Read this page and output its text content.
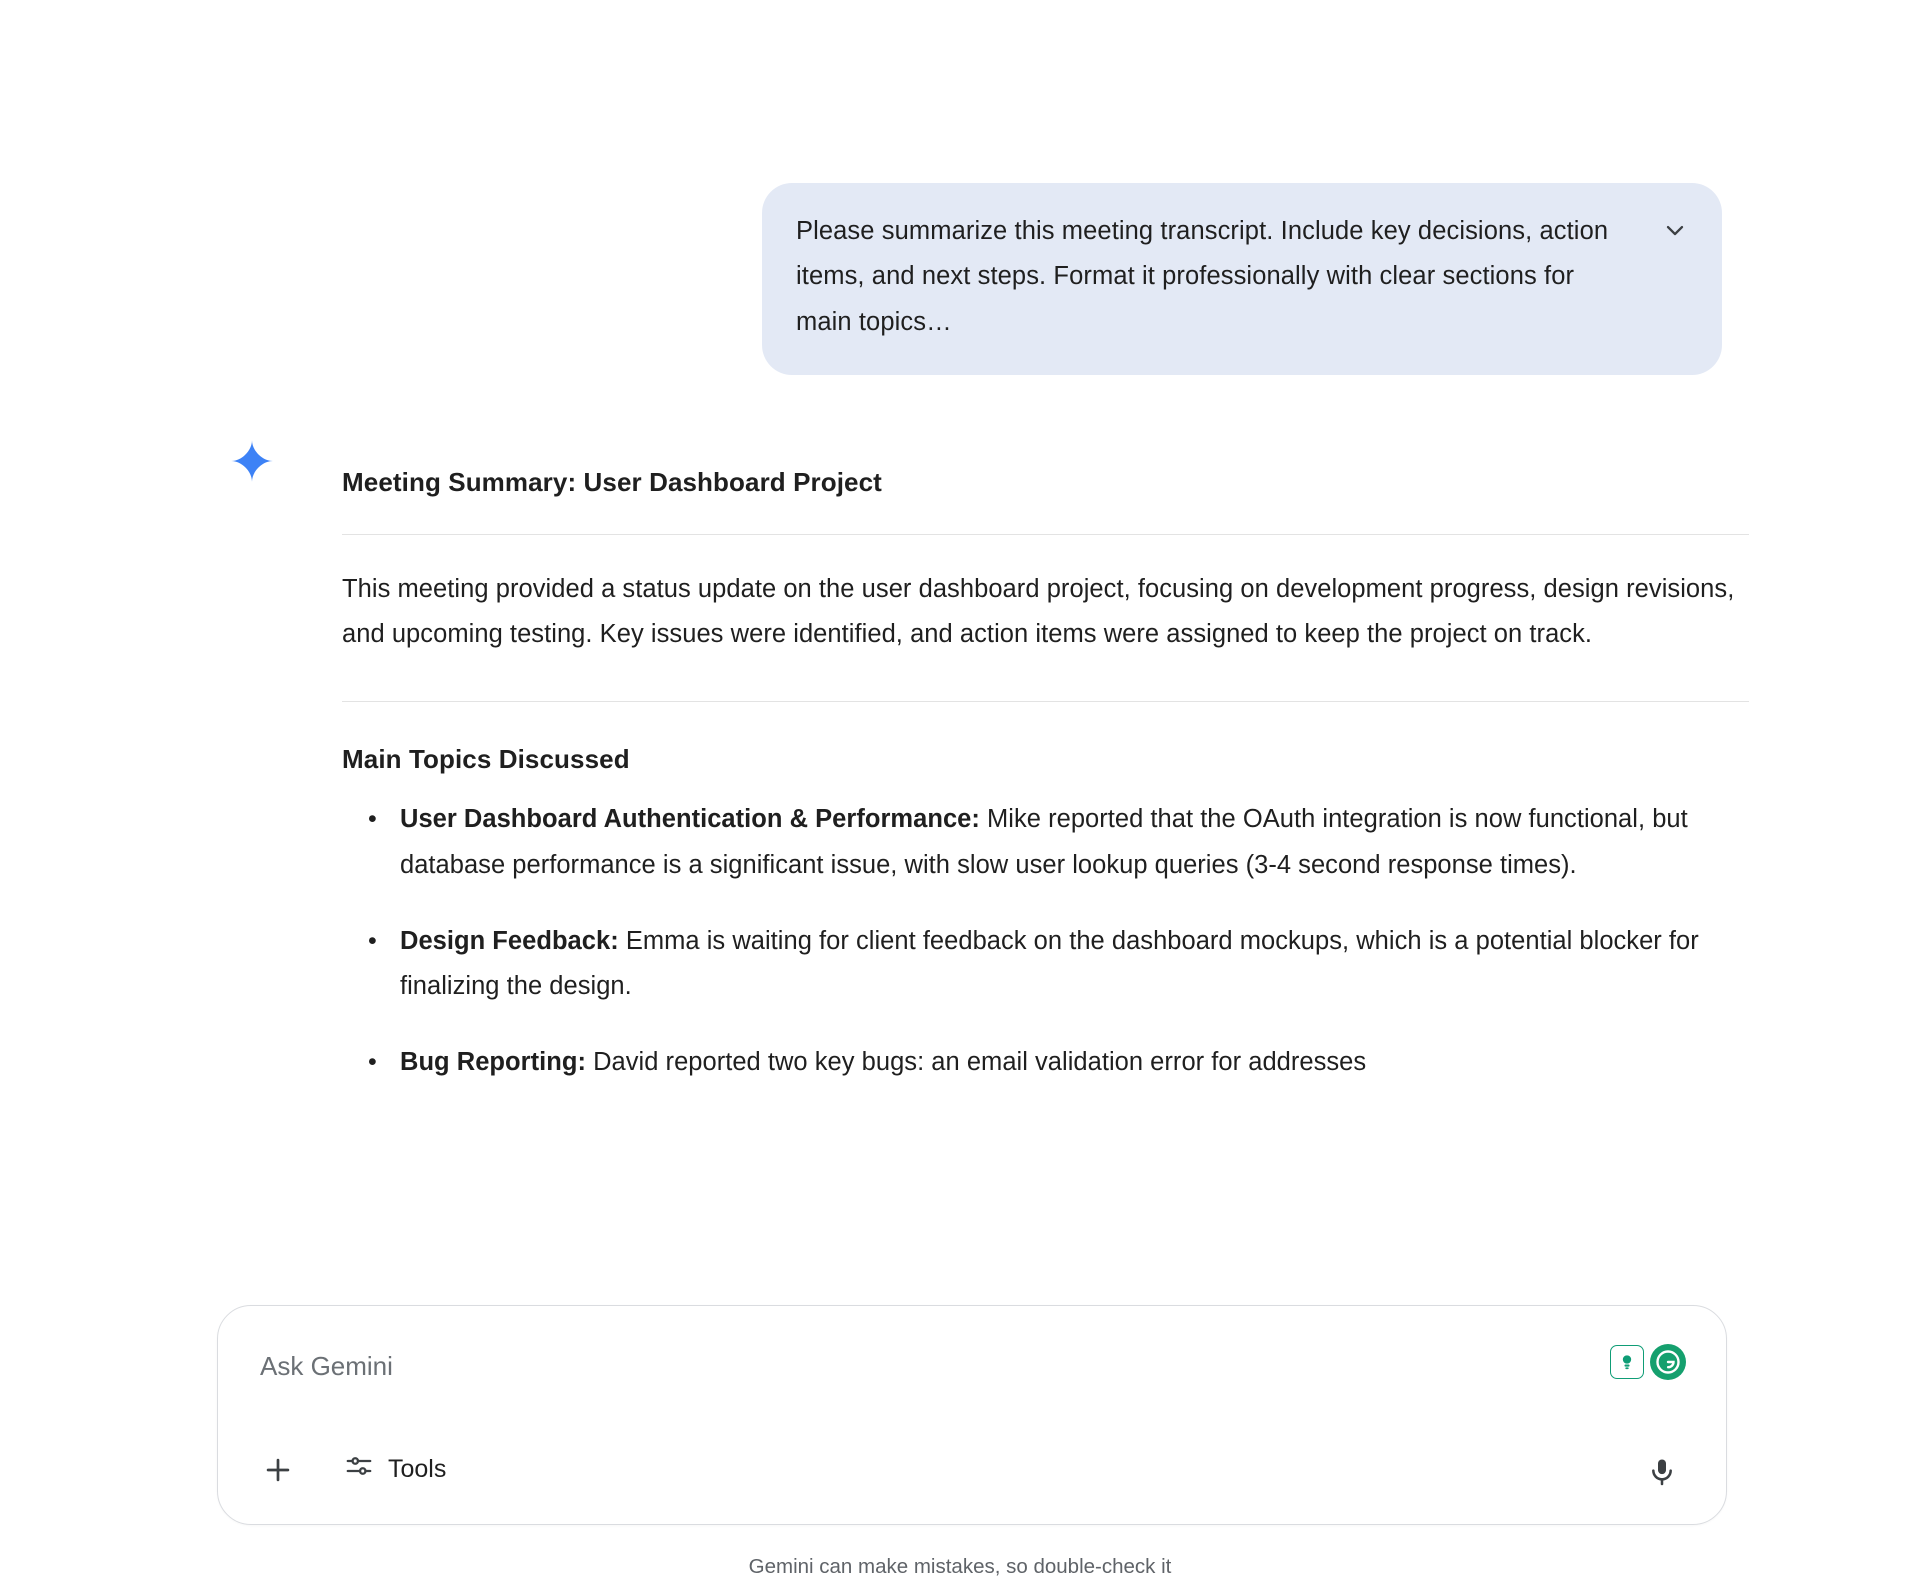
Please summarize this meeting transcript. Include key decisions, action items, and next steps. Format it professionally with clear sections for main topics…

Meeting Summary: User Dashboard Project

This meeting provided a status update on the user dashboard project, focusing on development progress, design revisions, and upcoming testing. Key issues were identified, and action items were assigned to keep the project on track.

Main Topics Discussed
• User Dashboard Authentication & Performance: Mike reported that the OAuth integration is now functional, but database performance is a significant issue, with slow user lookup queries (3-4 second response times).
• Design Feedback: Emma is waiting for client feedback on the dashboard mockups, which is a potential blocker for finalizing the design.
• Bug Reporting: David reported two key bugs: an email validation error for addresses
Ask Gemini
Tools
Gemini can make mistakes, so double-check it
